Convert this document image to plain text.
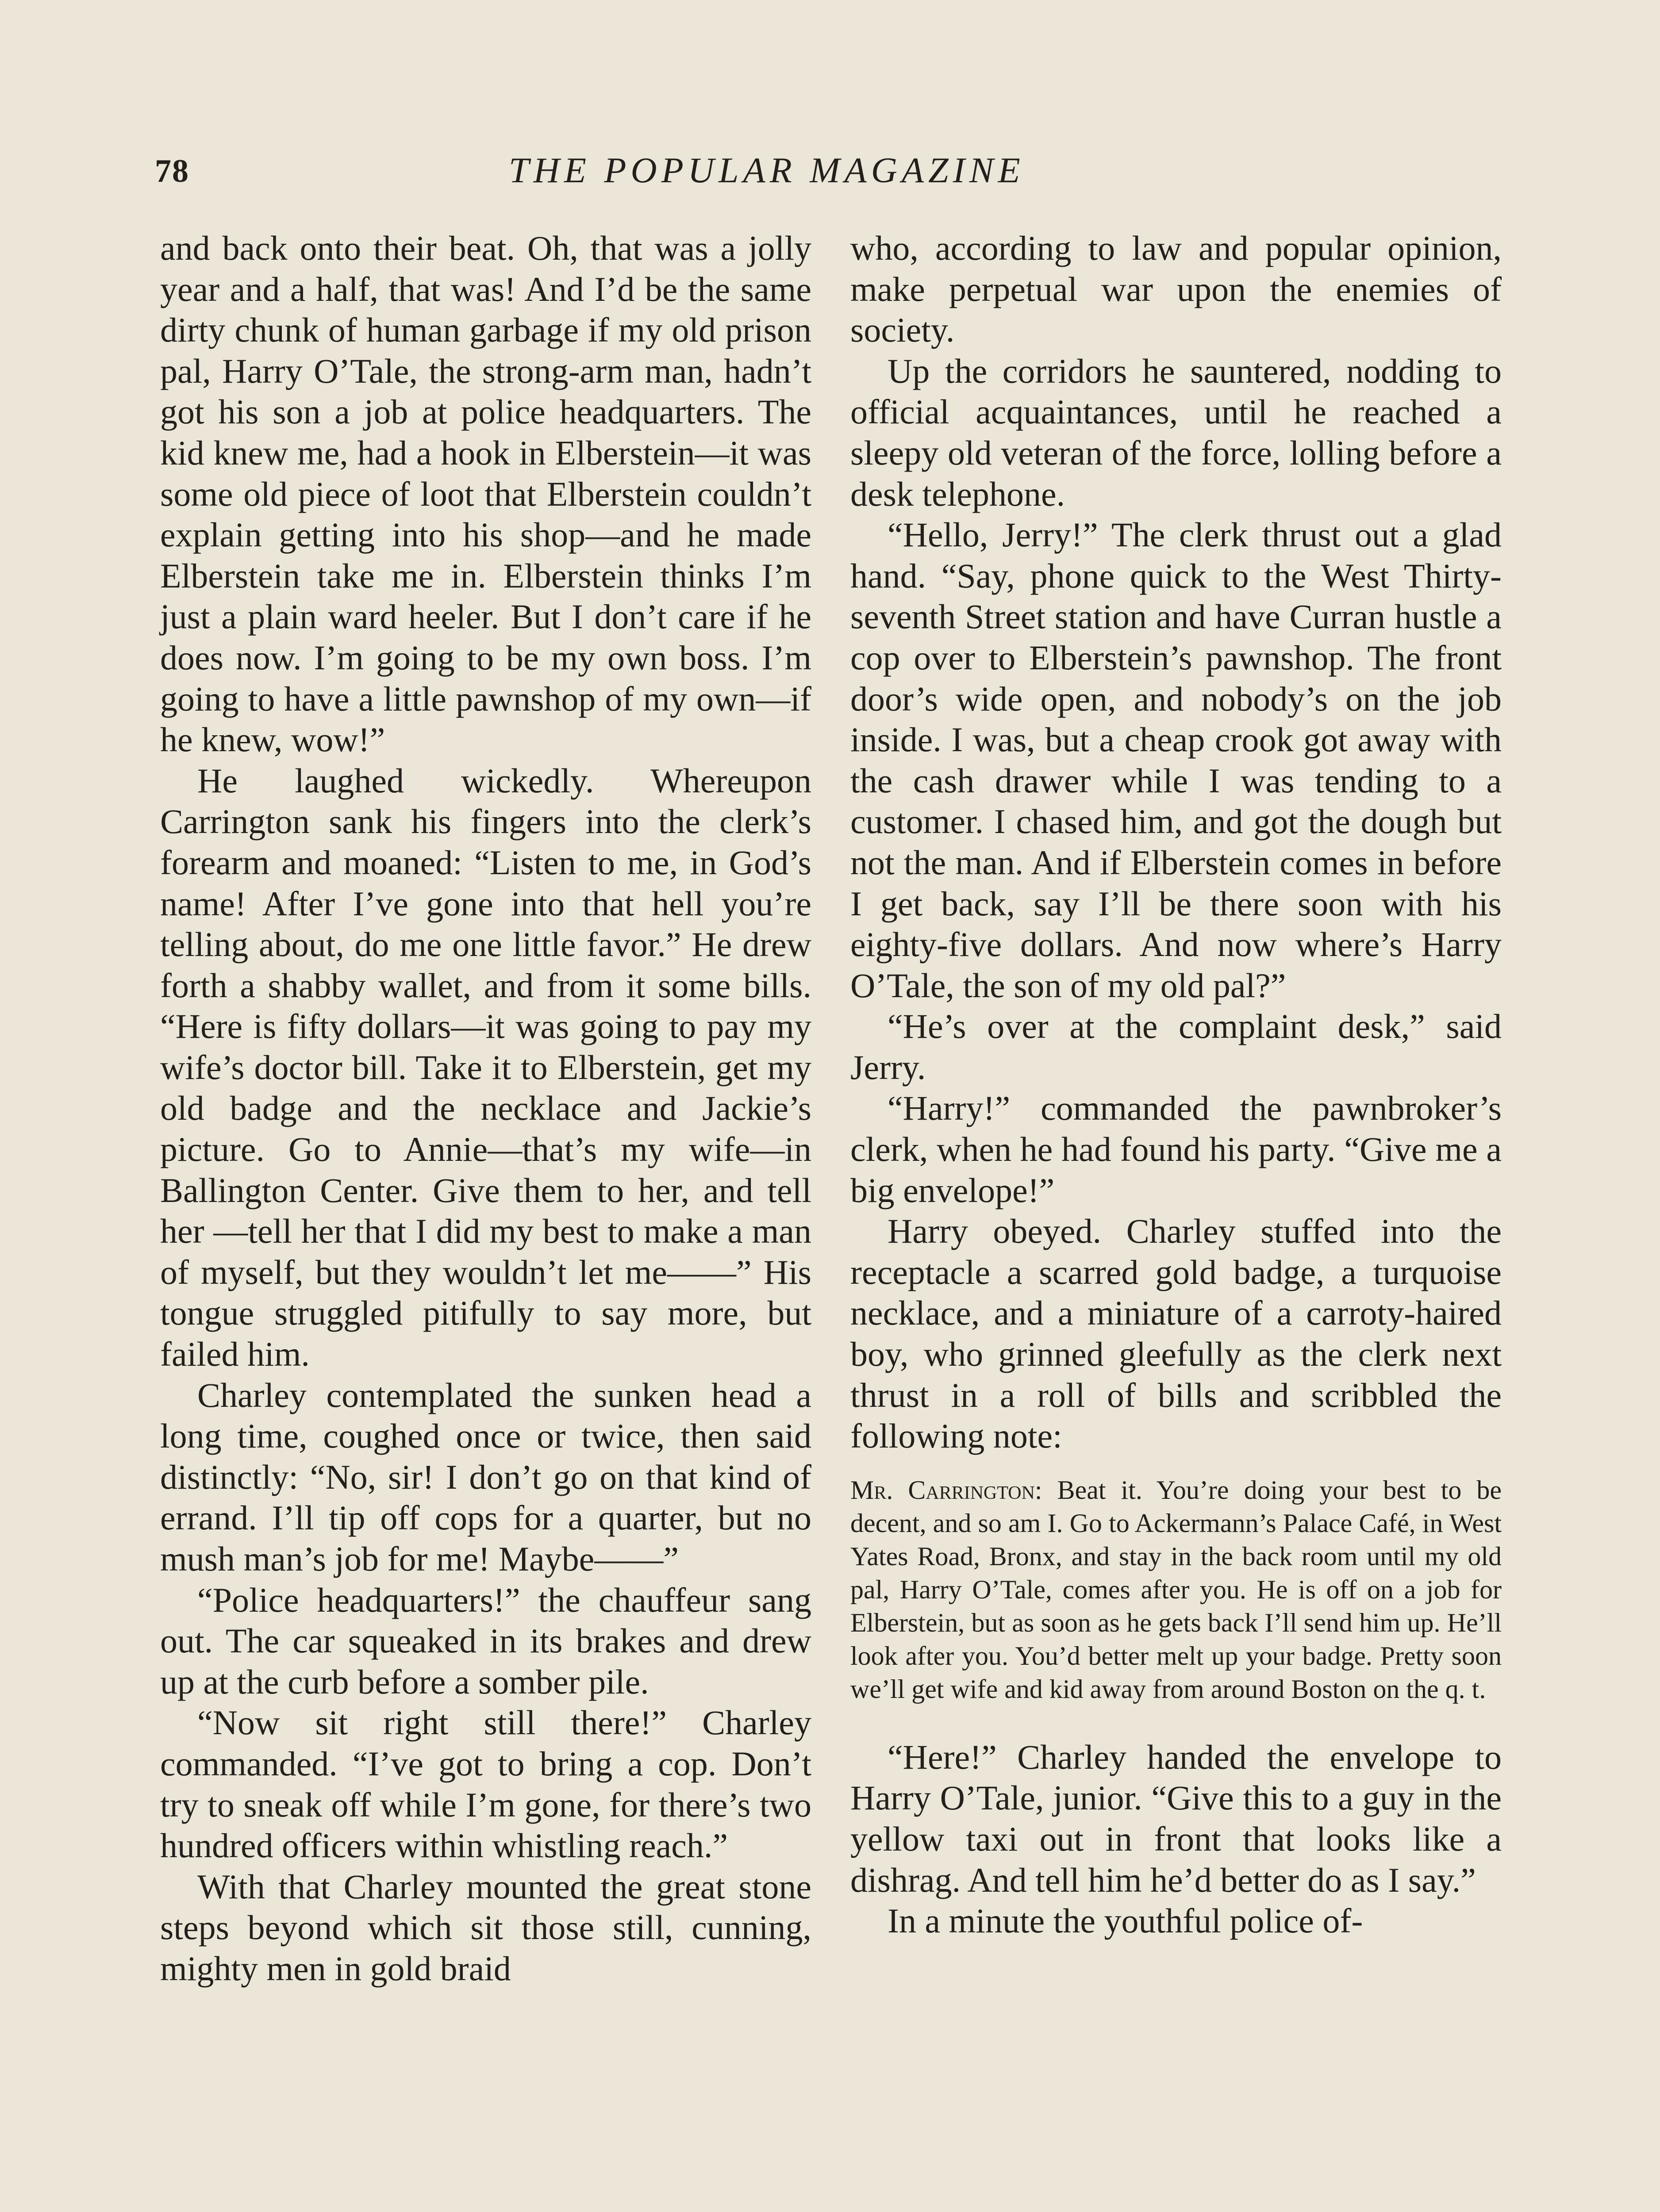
78	THE POPULAR MAGAZINE

and back onto their beat. Oh, that was a jolly year and a half, that was! And I’d be the same dirty chunk of human garbage if my old prison pal, Harry O’Tale, the strong-arm man, hadn’t got his son a job at police headquarters. The kid knew me, had a hook in Elberstein—it was some old piece of loot that Elberstein couldn’t explain getting into his shop—and he made Elberstein take me in. Elberstein thinks I’m just a plain ward heeler. But I don’t care if he does now. I’m going to be my own boss. I’m going to have a little pawnshop of my own—if he knew, wow!”

He laughed wickedly. Whereupon Carrington sank his fingers into the clerk’s forearm and moaned: “Listen to me, in God’s name! After I’ve gone into that hell you’re telling about, do me one little favor.” He drew forth a shabby wallet, and from it some bills. “Here is fifty dollars—it was going to pay my wife’s doctor bill. Take it to Elberstein, get my old badge and the necklace and Jackie’s picture. Go to Annie—that’s my wife—in Ballington Center. Give them to her, and tell her —tell her that I did my best to make a man of myself, but they wouldn’t let me——” His tongue struggled pitifully to say more, but failed him.

Charley contemplated the sunken head a long time, coughed once or twice, then said distinctly: “No, sir! I don’t go on that kind of errand. I’ll tip off cops for a quarter, but no mush man’s job for me! Maybe——”

“Police headquarters!” the chauffeur sang out. The car squeaked in its brakes and drew up at the curb before a somber pile.

“Now sit right still there!” Charley commanded. “I’ve got to bring a cop. Don’t try to sneak off while I’m gone, for there’s two hundred officers within whistling reach.”

With that Charley mounted the great stone steps beyond which sit those still, cunning, mighty men in gold braid

who, according to law and popular opinion, make perpetual war upon the enemies of society.

Up the corridors he sauntered, nodding to official acquaintances, until he reached a sleepy old veteran of the force, lolling before a desk telephone.

“Hello, Jerry!” The clerk thrust out a glad hand. “Say, phone quick to the West Thirty-seventh Street station and have Curran hustle a cop over to Elberstein’s pawnshop. The front door’s wide open, and nobody’s on the job inside. I was, but a cheap crook got away with the cash drawer while I was tending to a customer. I chased him, and got the dough but not the man. And if Elberstein comes in before I get back, say I’ll be there soon with his eighty-five dollars. And now where’s Harry O’Tale, the son of my old pal?”

“He’s over at the complaint desk,” said Jerry.

“Harry!” commanded the pawnbroker’s clerk, when he had found his party. “Give me a big envelope!”

Harry obeyed. Charley stuffed into the receptacle a scarred gold badge, a turquoise necklace, and a miniature of a carroty-haired boy, who grinned gleefully as the clerk next thrust in a roll of bills and scribbled the following note:

Mr. Carrington: Beat it. You’re doing your best to be decent, and so am I. Go to Ackermann’s Palace Café, in West Yates Road, Bronx, and stay in the back room until my old pal, Harry O’Tale, comes after you. He is off on a job for Elberstein, but as soon as he gets back I’ll send him up. He’ll look after you. You’d better melt up your badge. Pretty soon we’ll get wife and kid away from around Boston on the q. t.

“Here!” Charley handed the envelope to Harry O’Tale, junior. “Give this to a guy in the yellow taxi out in front that looks like a dishrag. And tell him he’d better do as I say.”

In a minute the youthful police of-
